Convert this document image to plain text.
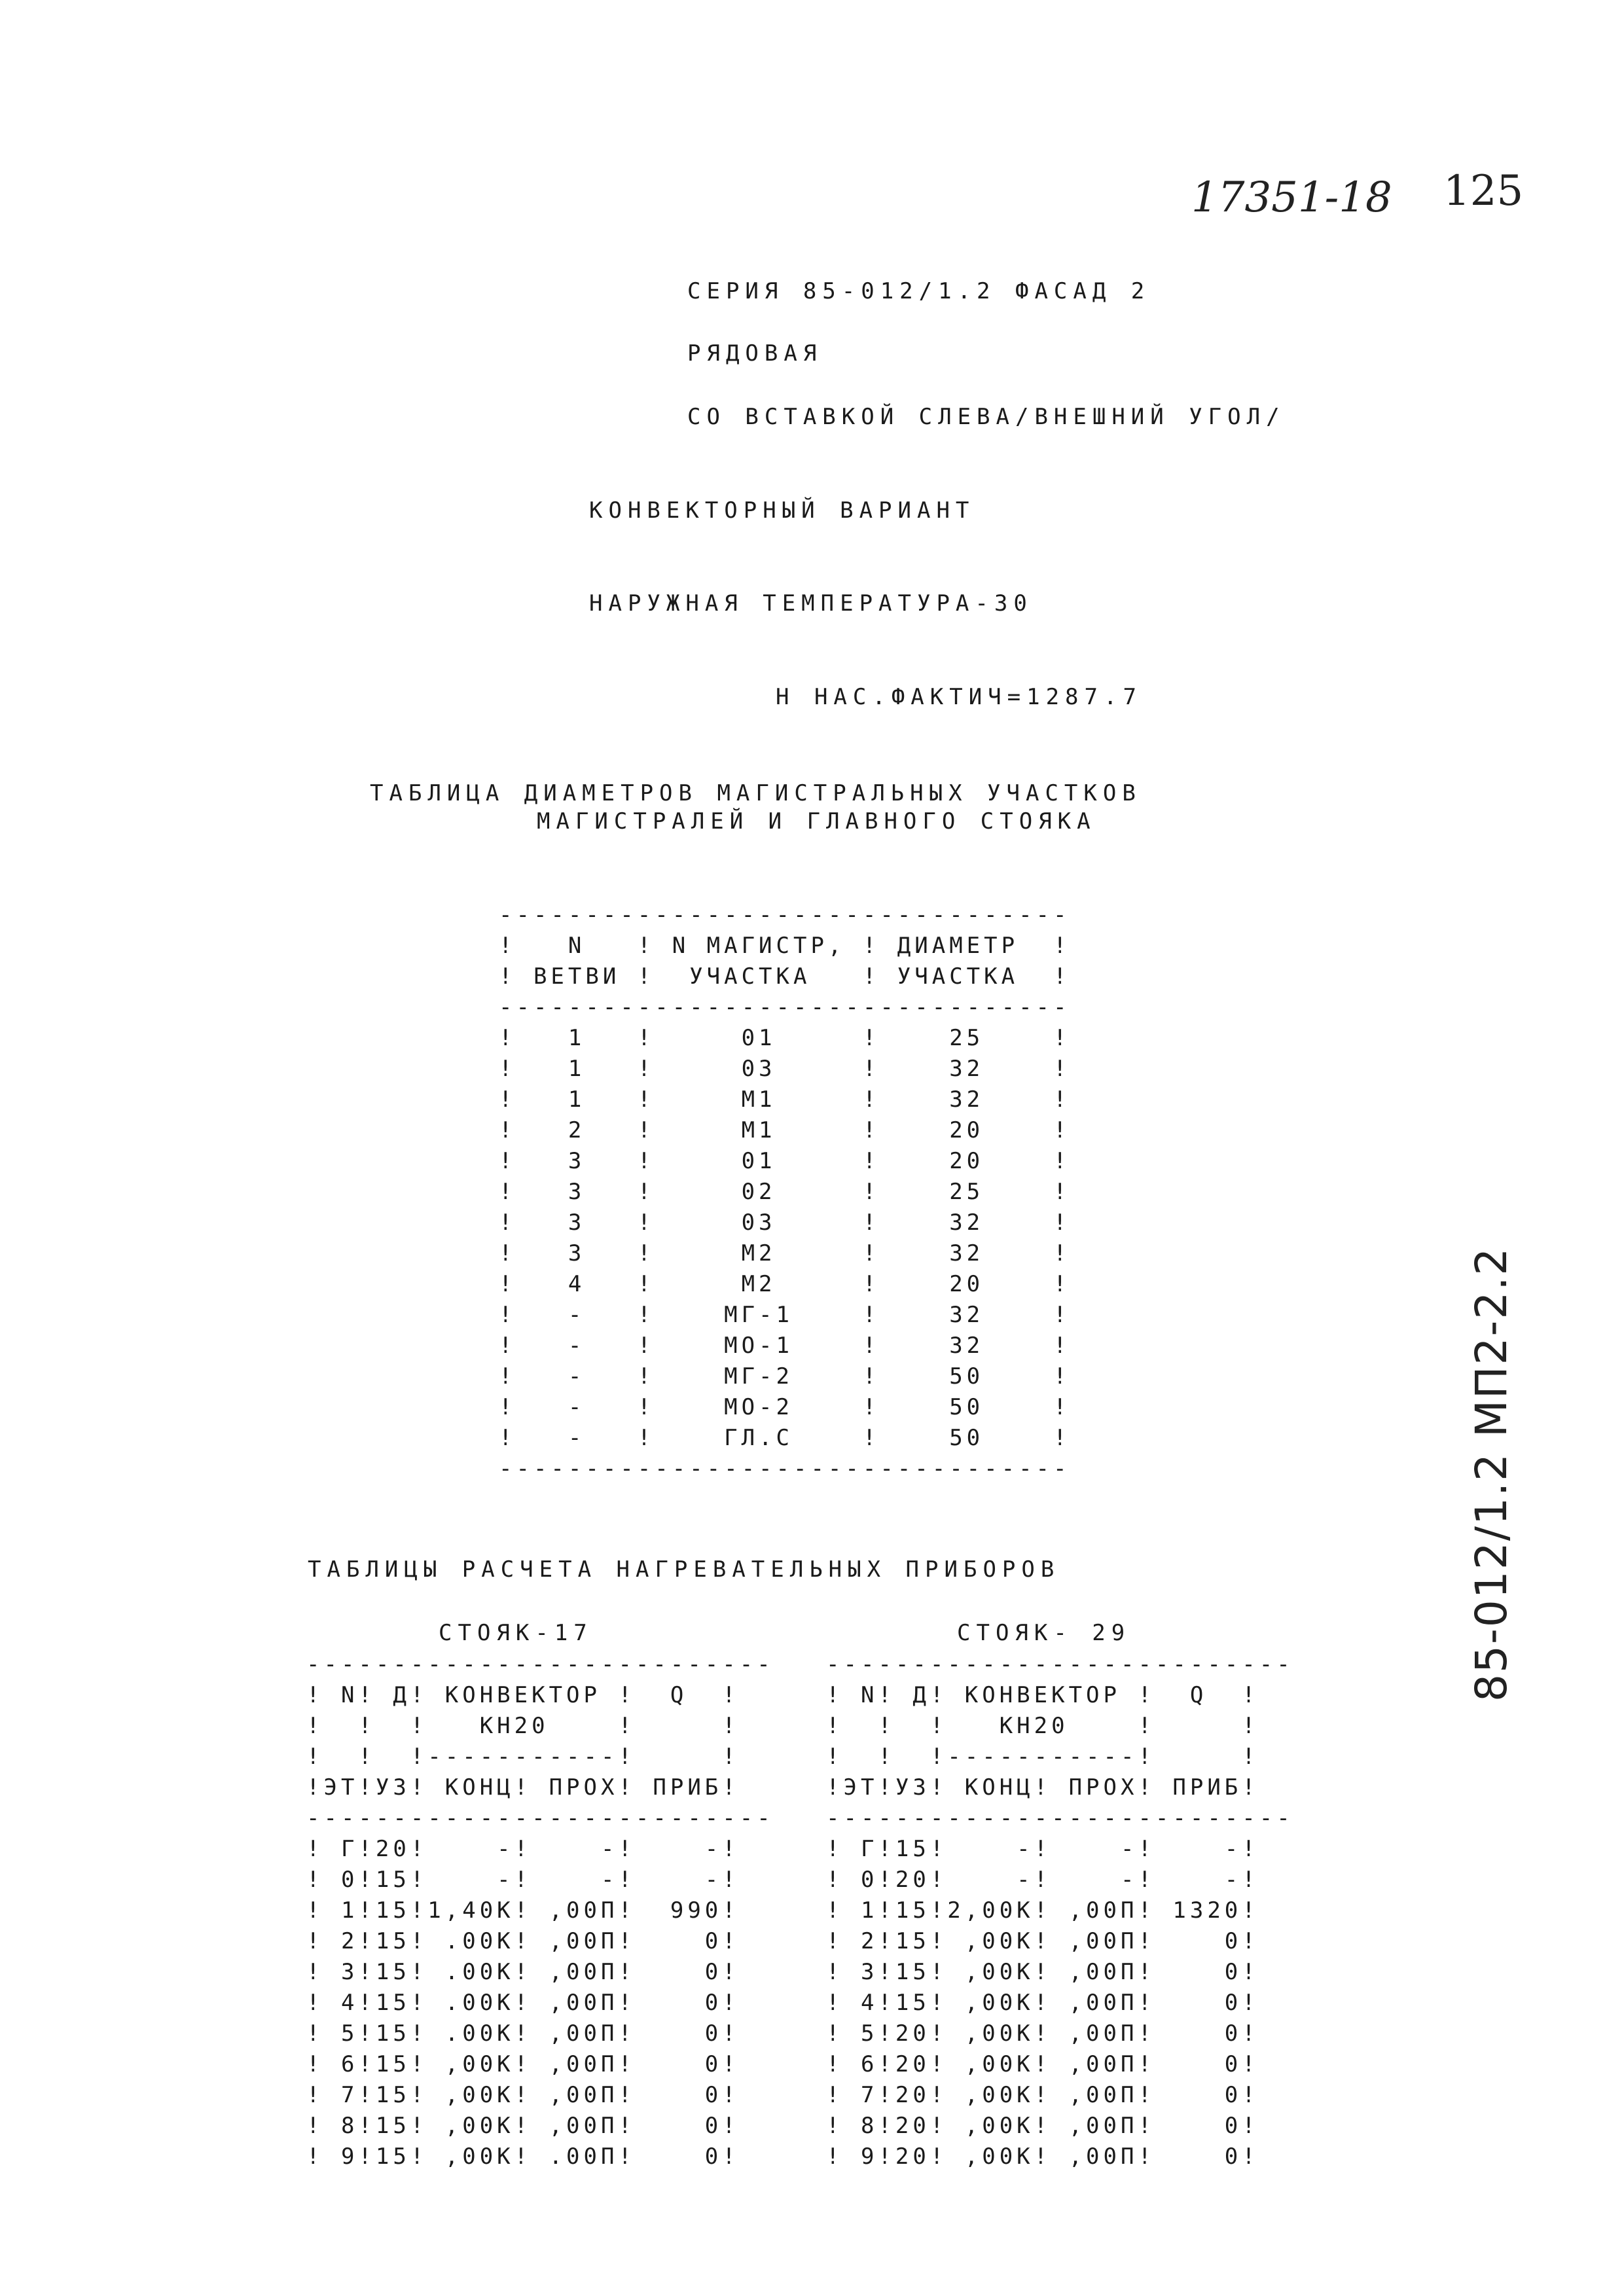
17351-18 125
85-012/1.2 МП2-2.2
СЕРИЯ 85-012/1.2 ФАСАД 2
РЯДОВАЯ
СО ВСТАВКОЙ СЛЕВА/ВНЕШНИЙ УГОЛ/
КОНВЕКТОРНЫЙ ВАРИАНТ
НАРУЖНАЯ ТЕМПЕРАТУРА-30
Н НАС.ФАКТИЧ=1287.7
ТАБЛИЦА ДИАМЕТРОВ МАГИСТРАЛЬНЫХ УЧАСТКОВ
МАГИСТРАЛЕЙ И ГЛАВНОГО СТОЯКА
---------------------------------
!   N   ! N МАГИСТР, ! ДИАМЕТР  !
! ВЕТВИ !  УЧАСТКА   ! УЧАСТКА  !
---------------------------------
!   1   !     01     !    25    !
!   1   !     03     !    32    !
!   1   !     М1     !    32    !
!   2   !     М1     !    20    !
!   3   !     01     !    20    !
!   3   !     02     !    25    !
!   3   !     03     !    32    !
!   3   !     М2     !    32    !
!   4   !     М2     !    20    !
!   -   !    МГ-1    !    32    !
!   -   !    МО-1    !    32    !
!   -   !    МГ-2    !    50    !
!   -   !    МО-2    !    50    !
!   -   !    ГЛ.С    !    50    !
---------------------------------
ТАБЛИЦЫ РАСЧЕТА НАГРЕВАТЕЛЬНЫХ ПРИБОРОВ
СТОЯК-17	СТОЯК- 29
---------------------------
! N! Д! КОНВЕКТОР !  Q  !
!  !  !   КН20    !     !
!  !  !-----------!     !
!ЭТ!УЗ! КОНЦ! ПРОХ! ПРИБ!
---------------------------
! Г!20!    -!    -!    -!
! 0!15!    -!    -!    -!
! 1!15!1,40К! ,00П!  990!
! 2!15! .00К! ,00П!    0!
! 3!15! .00К! ,00П!    0!
! 4!15! .00К! ,00П!    0!
! 5!15! .00К! ,00П!    0!
! 6!15! ,00К! ,00П!    0!
! 7!15! ,00К! ,00П!    0!
! 8!15! ,00К! ,00П!    0!
! 9!15! ,00К! .00П!    0!
---------------------------
! N! Д! КОНВЕКТОР !  Q  !
!  !  !   КН20    !     !
!  !  !-----------!     !
!ЭТ!УЗ! КОНЦ! ПРОХ! ПРИБ!
---------------------------
! Г!15!    -!    -!    -!
! 0!20!    -!    -!    -!
! 1!15!2,00К! ,00П! 1320!
! 2!15! ,00К! ,00П!    0!
! 3!15! ,00К! ,00П!    0!
! 4!15! ,00К! ,00П!    0!
! 5!20! ,00К! ,00П!    0!
! 6!20! ,00К! ,00П!    0!
! 7!20! ,00К! ,00П!    0!
! 8!20! ,00К! ,00П!    0!
! 9!20! ,00К! ,00П!    0!
